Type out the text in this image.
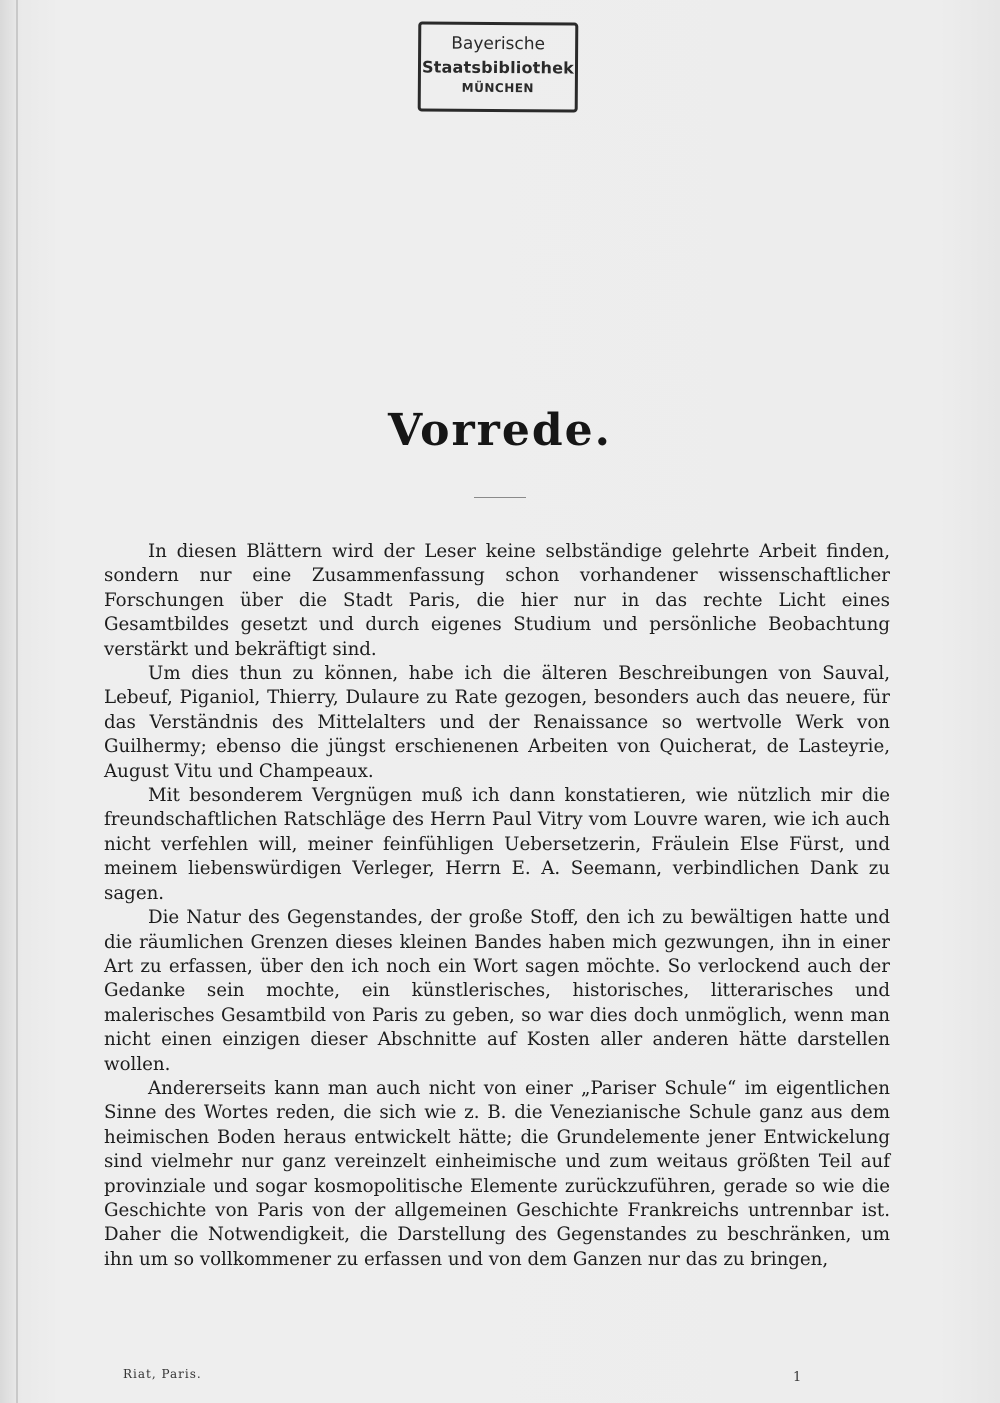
Bayerische
Staatsbibliothek
MÜNCHEN
Vorrede.

In diesen Blättern wird der Leser keine selbständige gelehrte Arbeit finden, sondern nur eine Zusammenfassung schon vorhandener wissenschaftlicher Forschungen über die Stadt Paris, die hier nur in das rechte Licht eines Gesamtbildes gesetzt und durch eigenes Studium und persönliche Beobachtung verstärkt und bekräftigt sind.

Um dies thun zu können, habe ich die älteren Beschreibungen von Sauval, Lebeuf, Piganiol, Thierry, Dulaure zu Rate gezogen, besonders auch das neuere, für das Verständnis des Mittelalters und der Renaissance so wertvolle Werk von Guilhermy; ebenso die jüngst erschienenen Arbeiten von Quicherat, de Lasteyrie, August Vitu und Champeaux.

Mit besonderem Vergnügen muß ich dann konstatieren, wie nützlich mir die freundschaftlichen Ratschläge des Herrn Paul Vitry vom Louvre waren, wie ich auch nicht verfehlen will, meiner feinfühligen Uebersetzerin, Fräulein Else Fürst, und meinem liebenswürdigen Verleger, Herrn E. A. Seemann, verbindlichen Dank zu sagen.

Die Natur des Gegenstandes, der große Stoff, den ich zu bewältigen hatte und die räumlichen Grenzen dieses kleinen Bandes haben mich gezwungen, ihn in einer Art zu erfassen, über den ich noch ein Wort sagen möchte. So verlockend auch der Gedanke sein mochte, ein künstlerisches, historisches, litterarisches und malerisches Gesamtbild von Paris zu geben, so war dies doch unmöglich, wenn man nicht einen einzigen dieser Abschnitte auf Kosten aller anderen hätte darstellen wollen.

Andererseits kann man auch nicht von einer „Pariser Schule“ im eigentlichen Sinne des Wortes reden, die sich wie z. B. die Venezianische Schule ganz aus dem heimischen Boden heraus entwickelt hätte; die Grundelemente jener Entwickelung sind vielmehr nur ganz vereinzelt einheimische und zum weitaus größten Teil auf provinziale und sogar kosmopolitische Elemente zurückzuführen, gerade so wie die Geschichte von Paris von der allgemeinen Geschichte Frankreichs untrennbar ist. Daher die Notwendigkeit, die Darstellung des Gegenstandes zu beschränken, um ihn um so vollkommener zu erfassen und von dem Ganzen nur das zu bringen,

Riat, Paris.	1
